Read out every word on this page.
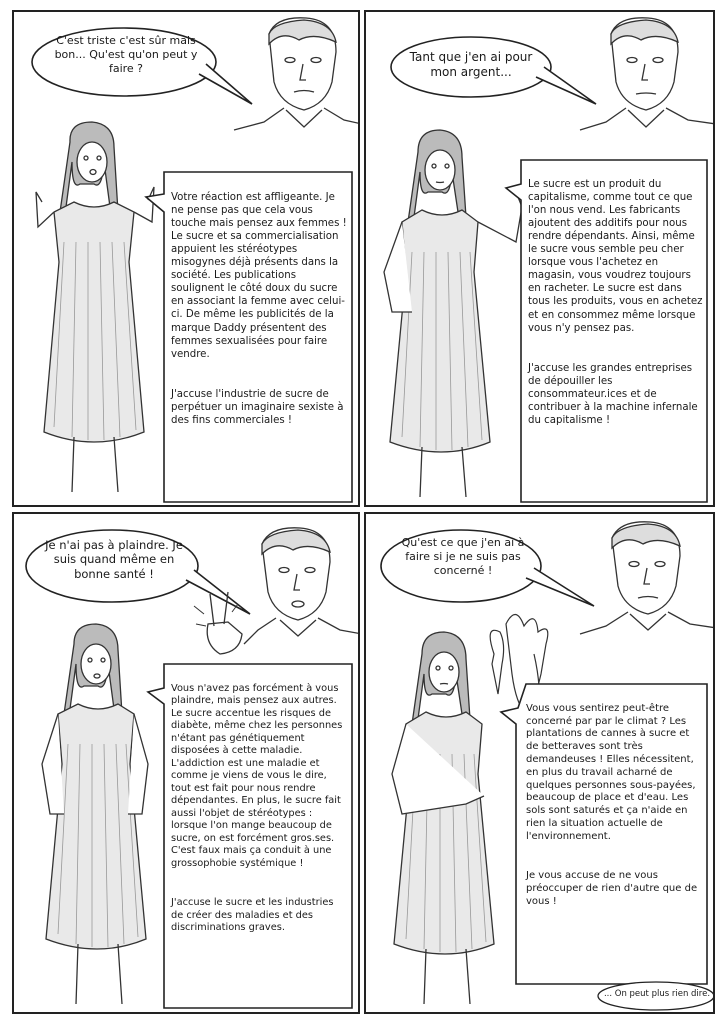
C'est triste c'est sûr mais bon... Qu'est qu'on peut y faire ?

Votre réaction est affligeante. Je ne pense pas que cela vous touche mais pensez aux femmes ! Le sucre et sa commercialisation appuient les stéréotypes misogynes déjà présents dans la société. Les publications soulignent le côté doux du sucre en associant la femme avec celui-ci. De même les publicités de la marque Daddy présentent des femmes sexualisées pour faire vendre.

J'accuse l'industrie de sucre de perpétuer un imaginaire sexiste à des fins commerciales !

Tant que j'en ai pour mon argent...

Le sucre est un produit du capitalisme, comme tout ce que l'on nous vend. Les fabricants ajoutent des additifs pour nous rendre dépendants. Ainsi, même le sucre vous semble peu cher lorsque vous l'achetez en magasin, vous voudrez toujours en racheter. Le sucre est dans tous les produits, vous en achetez et en consommez même lorsque vous n'y pensez pas.

J'accuse les grandes entreprises de dépouiller les consommateur.ices et de contribuer à la machine infernale du capitalisme !

Je n'ai pas à plaindre. Je suis quand même en bonne santé !

Vous n'avez pas forcément à vous plaindre, mais pensez aux autres. Le sucre accentue les risques de diabète, même chez les personnes n'étant pas génétiquement disposées à cette maladie. L'addiction est une maladie et comme je viens de vous le dire, tout est fait pour nous rendre dépendantes. En plus, le sucre fait aussi l'objet de stéréotypes : lorsque l'on mange beaucoup de sucre, on est forcément gros.ses. C'est faux mais ça conduit à une grossophobie systémique !

J'accuse le sucre et les industries de créer des maladies et des discriminations graves.

Qu'est ce que j'en ai à faire si je ne suis pas concerné !

Vous vous sentirez peut-être concerné par par le climat ? Les plantations de cannes à sucre et de betteraves sont très demandeuses ! Elles nécessitent, en plus du travail acharné de quelques personnes sous-payées, beaucoup de place et d'eau. Les sols sont saturés et ça n'aide en rien la situation actuelle de l'environnement.

Je vous accuse de ne vous préoccuper de rien d'autre que de vous !

... On peut plus rien dire.
